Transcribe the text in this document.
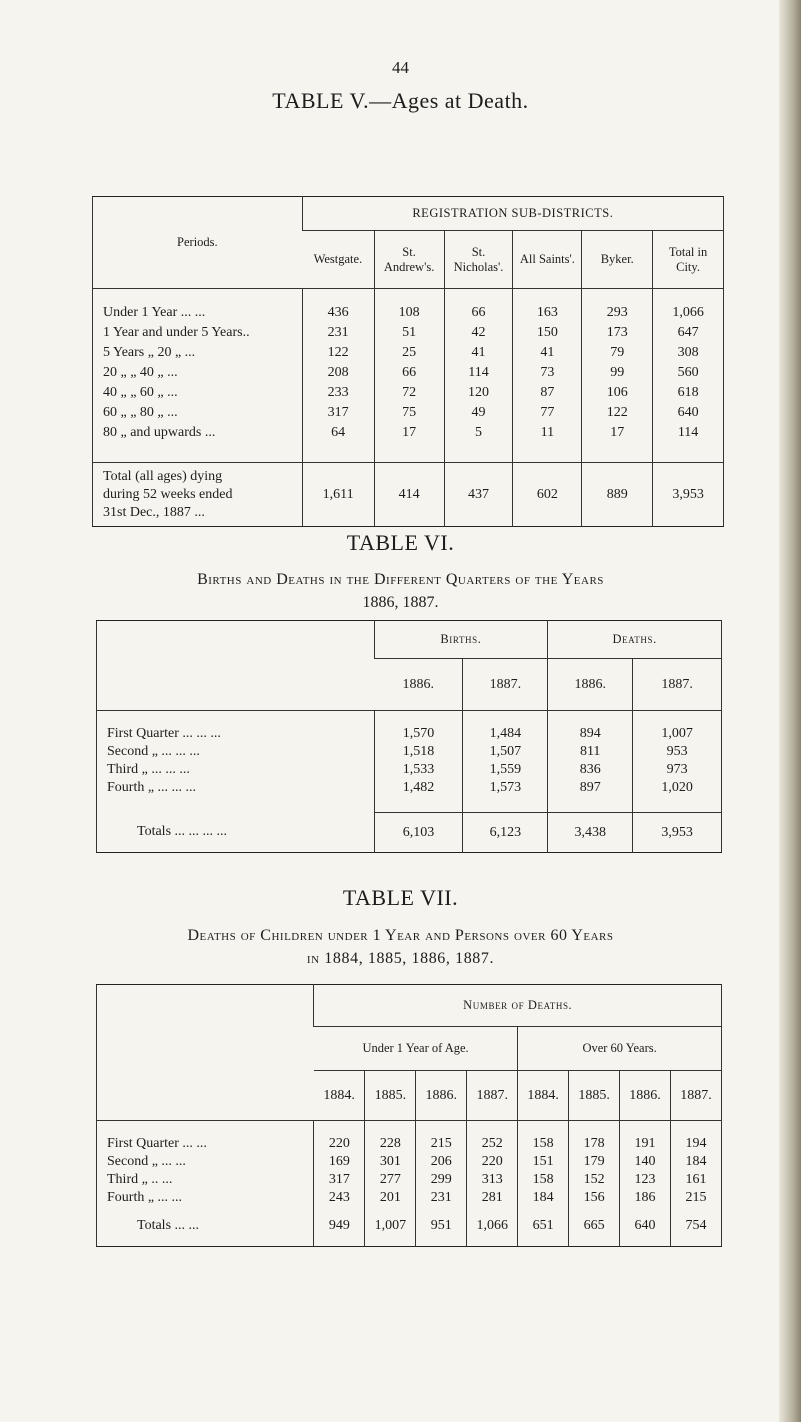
44
TABLE V.—Ages at Death.
Periods.	REGISTRATION SUB-DISTRICTS.					
	Westgate.	St. Andrew's.	St. Nicholas'.	All Saints'.	Byker.	Total in City.

Under 1 Year ... ...	436	108	66	163	293	1,066
1 Year and under 5 Years..	231	51	42	150	173	647
5 Years „ 20 „ ...	122	25	41	41	79	308
20 „ „ 40 „ ...	208	66	114	73	99	560
40 „ „ 60 „ ...	233	72	120	87	106	618
60 „ „ 80 „ ...	317	75	49	77	122	640
80 „ and upwards ...	64	17	5	11	17	114

Total (all ages) dying
during 52 weeks ended
31st Dec., 1887 ...	1,611	414	437	602	889	3,953
TABLE VI.
Births and Deaths in the Different Quarters of the Years
1886, 1887.
	Births.		Deaths.	
	1886.	1887.	1886.	1887.

First Quarter ... ... ...	1,570	1,484	894	1,007
Second „ ... ... ...	1,518	1,507	811	953
Third „ ... ... ...	1,533	1,559	836	973
Fourth „ ... ... ...	1,482	1,573	897	1,020

Totals ... ... ... ...	6,103	6,123	3,438	3,953
TABLE VII.
Deaths of Children under 1 Year and Persons over 60 Years
in 1884, 1885, 1886, 1887.
	Number of Deaths.							
	Under 1 Year of Age.				Over 60 Years.			
	1884.	1885.	1886.	1887.	1884.	1885.	1886.	1887.

First Quarter ... ...	220	228	215	252	158	178	191	194
Second „ ... ...	169	301	206	220	151	179	140	184
Third „ .. ...	317	277	299	313	158	152	123	161
Fourth „ ... ...	243	201	231	281	184	156	186	215
Totals ... ...	949	1,007	951	1,066	651	665	640	754
